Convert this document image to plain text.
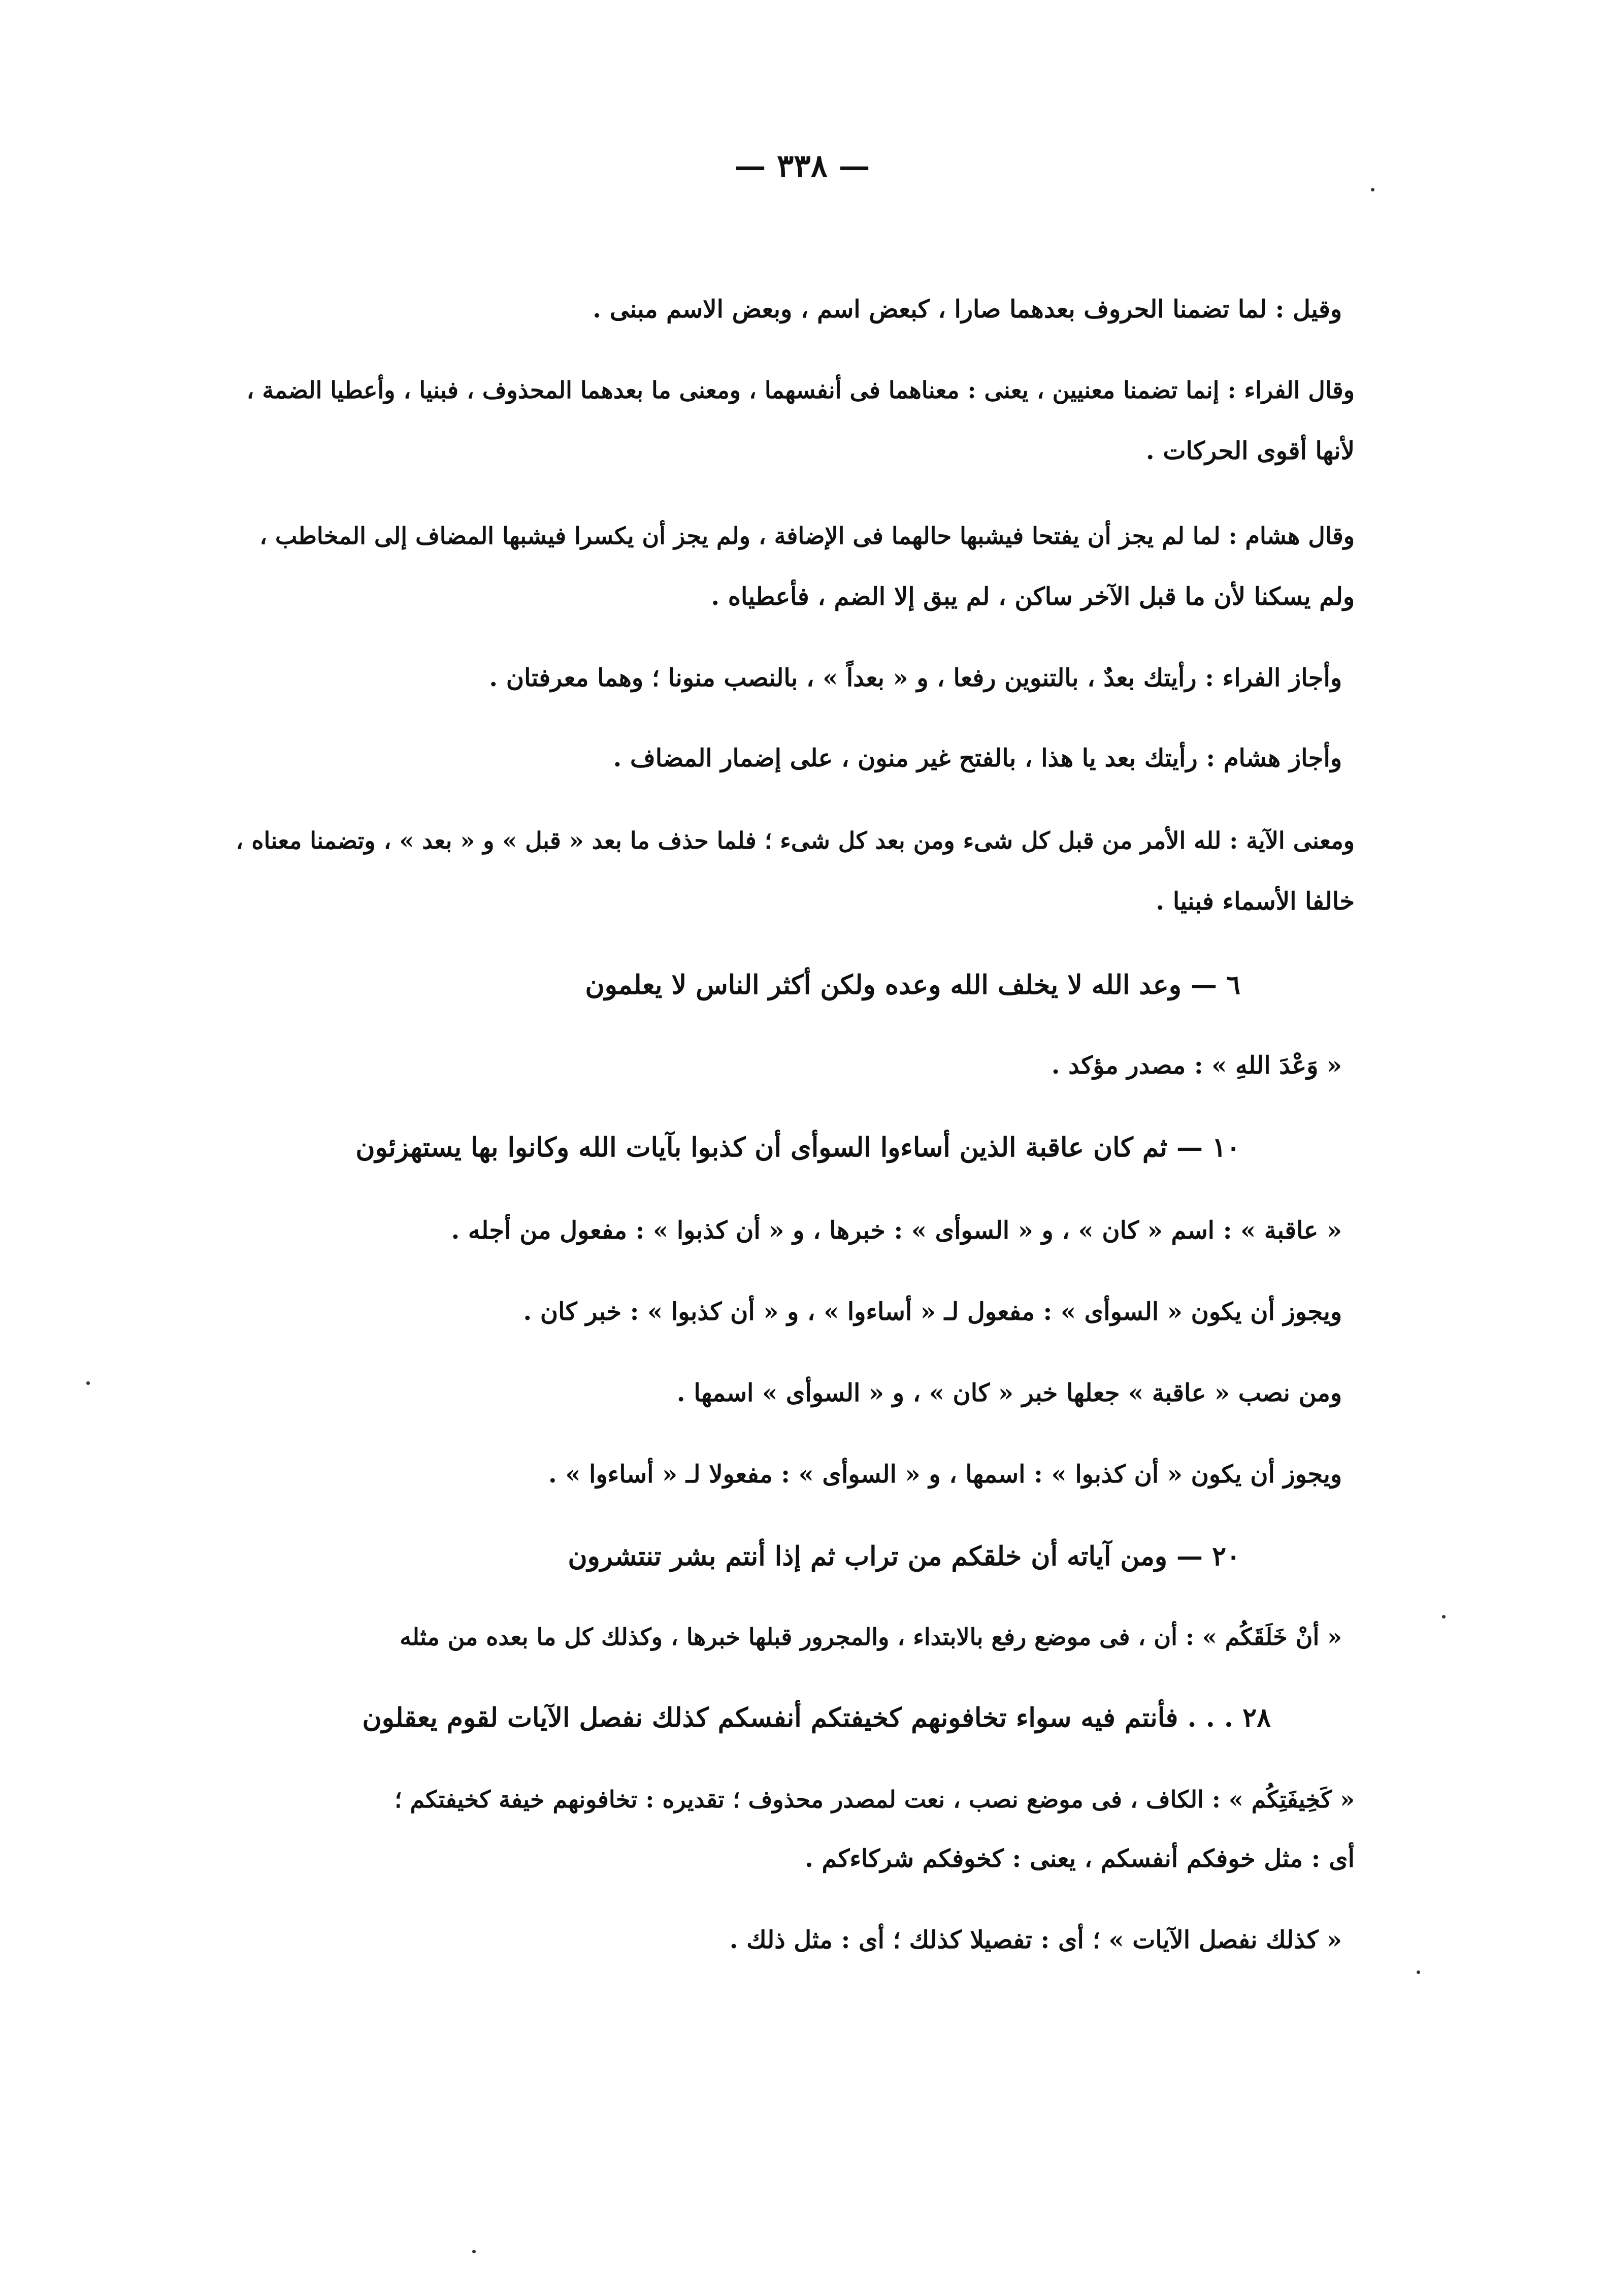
— ٣٣٨ —
وقيل : لما تضمنا الحروف بعدهما صارا ، كبعض اسم ، وبعض الاسم مبنى .
وقال الفراء : إنما تضمنا معنيين ، يعنى : معناهما فى أنفسهما ، ومعنى ما بعدهما المحذوف ، فبنيا ، وأعطيا الضمة ،
لأنها أقوى الحركات .
وقال هشام : لما لم يجز أن يفتحا فيشبها حالهما فى الإضافة ، ولم يجز أن يكسرا فيشبها المضاف إلى المخاطب ،
ولم يسكنا لأن ما قبل الآخر ساكن ، لم يبق إلا الضم ، فأعطياه .
وأجاز الفراء : رأيتك بعدٌ ، بالتنوين رفعا ، و « بعداً » ، بالنصب منونا ؛ وهما معرفتان .
وأجاز هشام : رأيتك بعد يا هذا ، بالفتح غير منون ، على إضمار المضاف .
ومعنى الآية : لله الأمر من قبل كل شىء ومن بعد كل شىء ؛ فلما حذف ما بعد « قبل » و « بعد » ، وتضمنا معناه ،
خالفا الأسماء فبنيا .
٦ — وعد الله لا يخلف الله وعده ولكن أكثر الناس لا يعلمون
« وَعْدَ اللهِ » : مصدر مؤكد .
١٠ — ثم كان عاقبة الذين أساءوا السوأى أن كذبوا بآيات الله وكانوا بها يستهزئون
« عاقبة » : اسم « كان » ، و « السوأى » : خبرها ، و « أن كذبوا » : مفعول من أجله .
ويجوز أن يكون « السوأى » : مفعول لـ « أساءوا » ، و « أن كذبوا » : خبر كان .
ومن نصب « عاقبة » جعلها خبر « كان » ، و « السوأى » اسمها .
ويجوز أن يكون « أن كذبوا » : اسمها ، و « السوأى » : مفعولا لـ « أساءوا » .
٢٠ — ومن آياته أن خلقكم من تراب ثم إذا أنتم بشر تنتشرون
« أنْ خَلَقَكُم » : أن ، فى موضع رفع بالابتداء ، والمجرور قبلها خبرها ، وكذلك كل ما بعده من مثله
٢٨ . . . فأنتم فيه سواء تخافونهم كخيفتكم أنفسكم كذلك نفصل الآيات لقوم يعقلون
« كَخِيفَتِكُم » : الكاف ، فى موضع نصب ، نعت لمصدر محذوف ؛ تقديره : تخافونهم خيفة كخيفتكم ؛
أى : مثل خوفكم أنفسكم ، يعنى : كخوفكم شركاءكم .
« كذلك نفصل الآيات » ؛ أى : تفصيلا كذلك ؛ أى : مثل ذلك .
